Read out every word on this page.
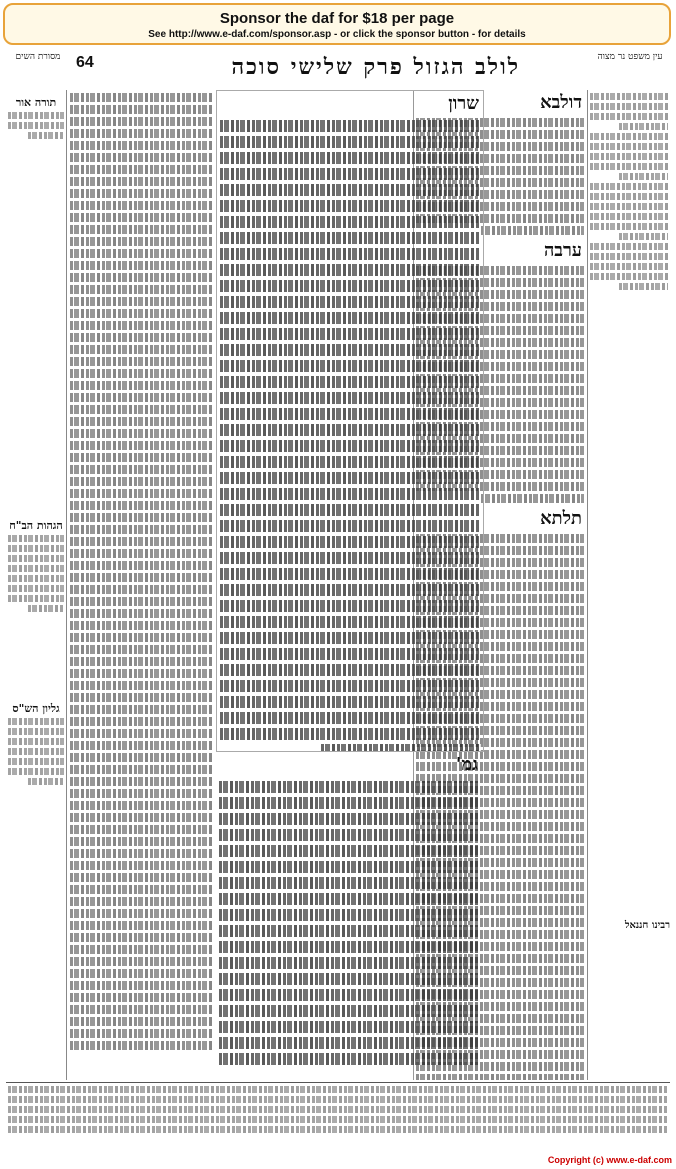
Sponsor the daf for $18 per page
See http://www.e-daf.com/sponsor.asp - or click the sponsor button - for details
עין משפט נר מצוה
לולב הגזול פרק שלישי סוכה
64
מסורת השים
רבינו חננאל
דולבא
ערבה
תלתא
שרון
גמ'
תורה אור
הגהות הב"ח
גליון הש"ס
Copyright (c) www.e-daf.com
